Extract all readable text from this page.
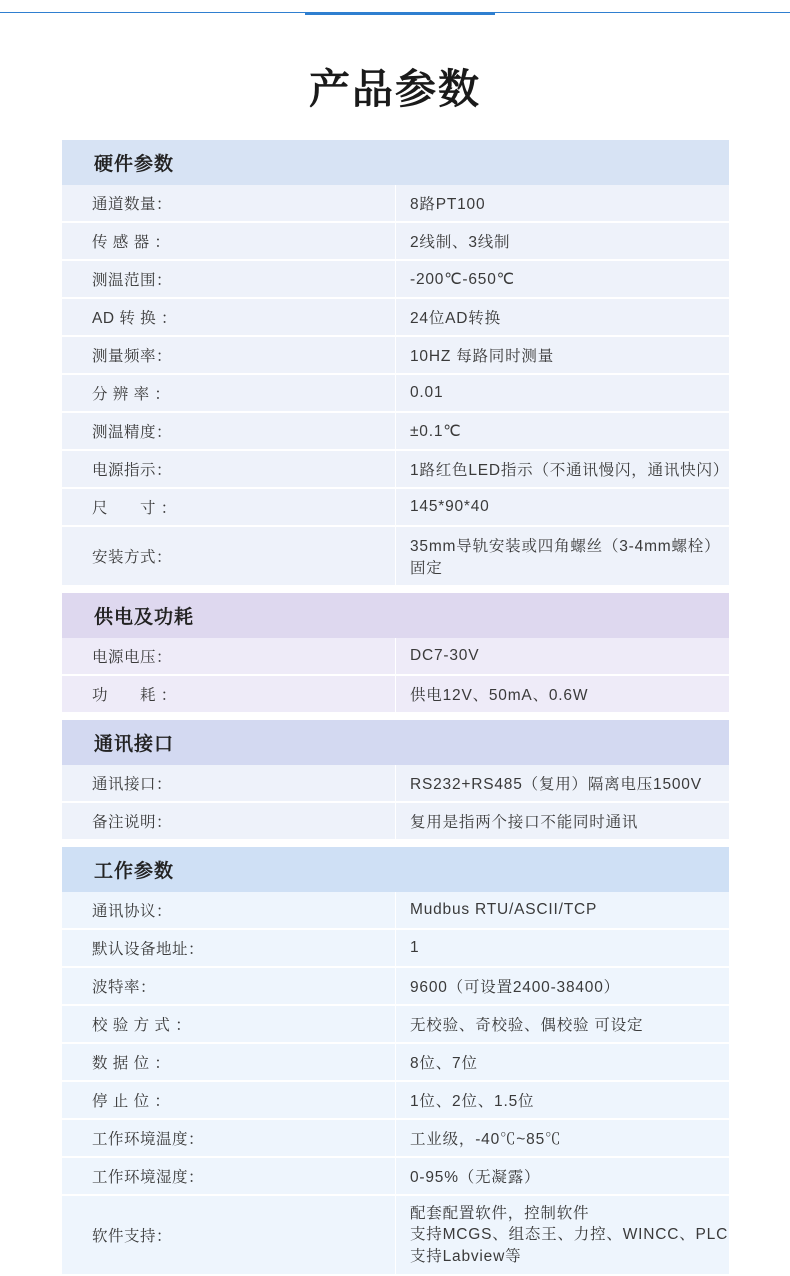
产品参数
硬件参数	
通道数量：	8路PT100
传 感 器 ：	2线制、3线制
测温范围：	-200℃-650℃
AD 转 换 ：	24位AD转换
测量频率：	10HZ 每路同时测量
分 辨 率 ：	0.01
测温精度：	±0.1℃
电源指示：	1路红色LED指示（不通讯慢闪，通讯快闪）
尺　　寸 ：	145*90*40
安装方式：	35mm导轨安装或四角螺丝（3-4mm螺栓）固定

供电及功耗	
电源电压：	DC7-30V
功　　耗 ：	供电12V、50mA、0.6W

通讯接口	
通讯接口：	RS232+RS485（复用）隔离电压1500V
备注说明：	复用是指两个接口不能同时通讯

工作参数	
通讯协议：	Mudbus RTU/ASCII/TCP
默认设备地址：	1
波特率：	9600（可设置2400-38400）
校 验 方 式 ：	无校验、奇校验、偶校验 可设定
数 据 位 ：	8位、7位
停 止 位 ：	1位、2位、1.5位
工作环境温度：	工业级，-40℃~85℃
工作环境湿度：	0-95%（无凝露）
软件支持：	配套配置软件，控制软件
支持MCGS、组态王、力控、WINCC、PLC
支持Labview等
